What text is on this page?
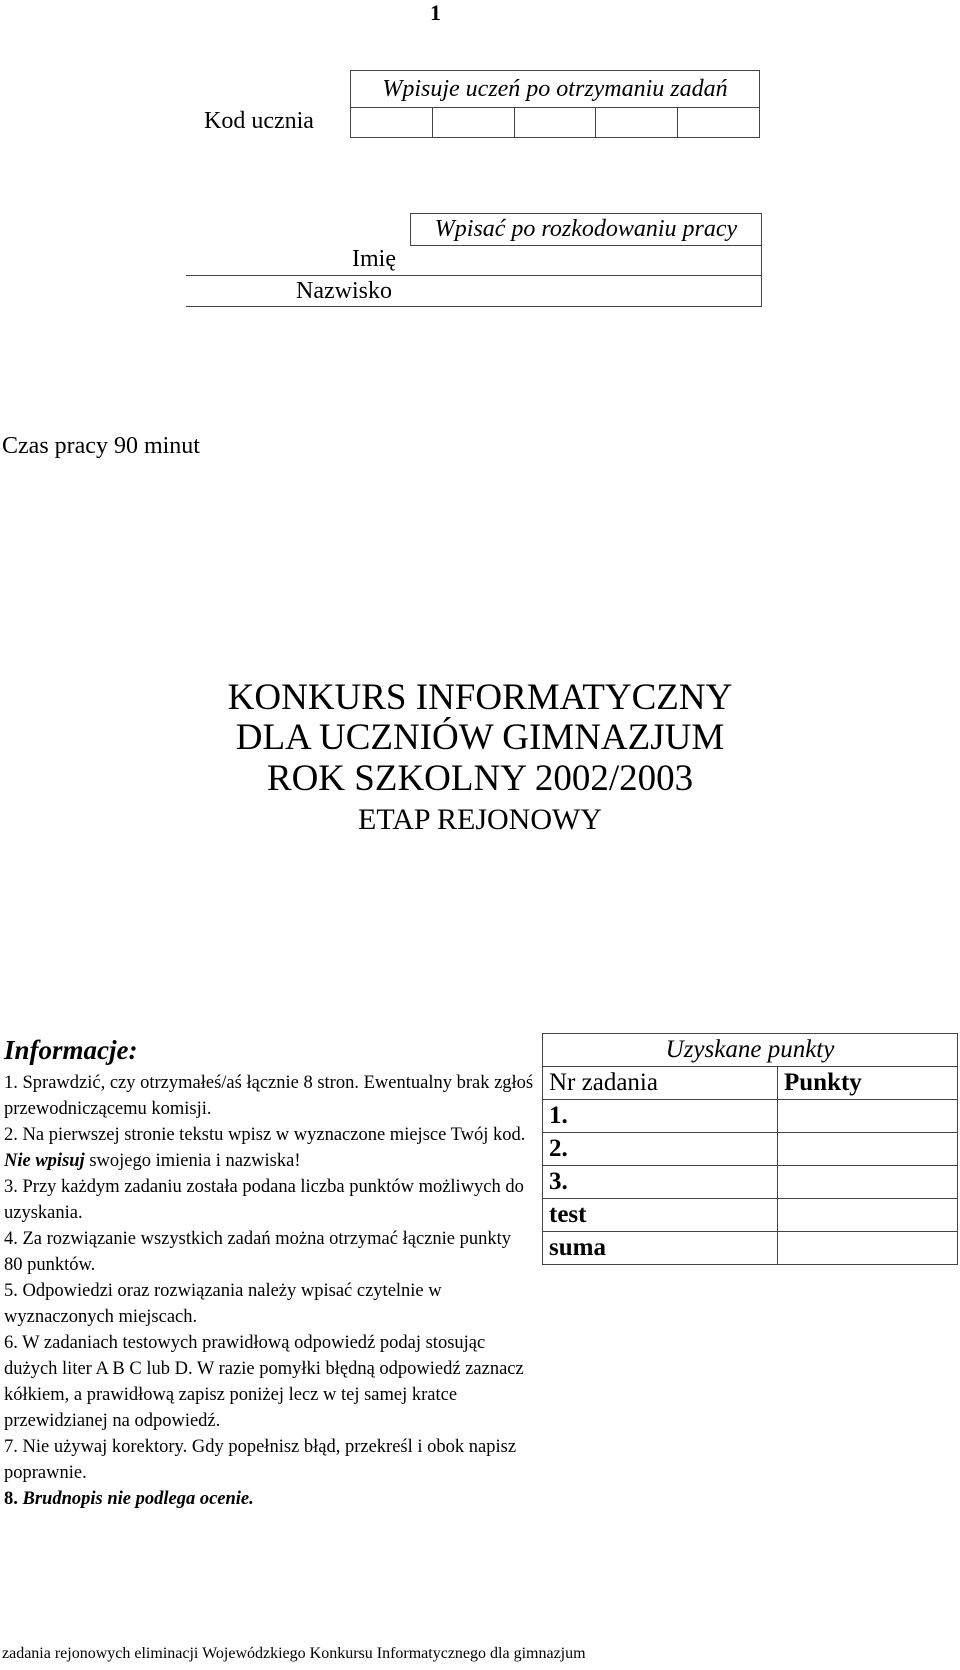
1
Kod ucznia
Wpisuje uczeń po otrzymaniu zadań
Wpisać po rozkodowaniu pracy
Imię
Nazwisko
Czas pracy 90 minut
KONKURS INFORMATYCZNY
DLA UCZNIÓW GIMNAZJUM
ROK SZKOLNY 2002/2003
ETAP REJONOWY
Informacje:

1. Sprawdzić, czy otrzymałeś/aś łącznie 8 stron. Ewentualny brak zgłoś przewodniczącemu komisji.

2. Na pierwszej stronie tekstu wpisz w wyznaczone miejsce Twój kod. Nie wpisuj swojego imienia i nazwiska!

3. Przy każdym zadaniu została podana liczba punktów możliwych do uzyskania.

4. Za rozwiązanie wszystkich zadań można otrzymać łącznie punkty 80 punktów.

5. Odpowiedzi oraz rozwiązania należy wpisać czytelnie w wyznaczonych miejscach.

6. W zadaniach testowych prawidłową odpowiedź podaj stosując dużych liter A B C lub D. W razie pomyłki błędną odpowiedź zaznacz kółkiem, a prawidłową zapisz poniżej lecz w tej samej kratce przewidzianej na odpowiedź.

7. Nie używaj korektory. Gdy popełnisz błąd, przekreśl i obok napisz poprawnie.

8. Brudnopis nie podlega ocenie.

Uzyskane punkty	
Nr zadania	Punkty
1.	
2.	
3.	
test	
suma	
zadania rejonowych eliminacji Wojewódzkiego Konkursu Informatycznego dla gimnazjum
